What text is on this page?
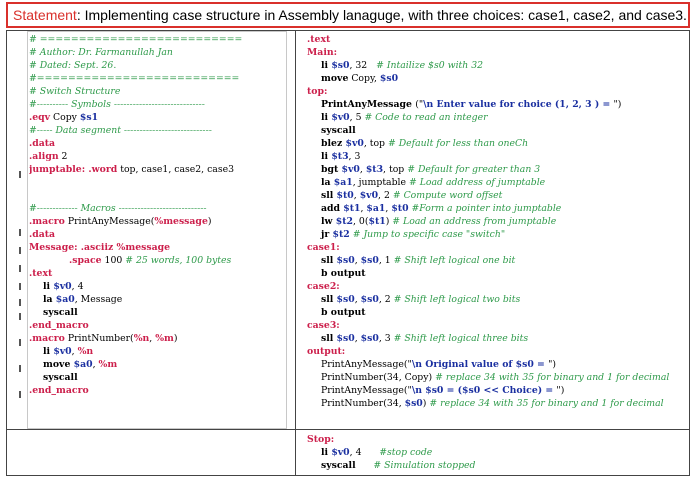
Statement: Implementing case structure in Assembly lanaguge, with three choices: case1, case2, and case3.
# ==========================
# Author: Dr. Farmanullah Jan
# Dated: Sept. 26.
#==========================
# Switch Structure
#---------- Symbols -----------------------------
.eqv Copy $s1
#----- Data segment ----------------------------
.data
.align 2
jumptable: .word top, case1, case2, case3

#------------- Macros ----------------------------
.macro PrintAnyMessage(%message)
.data
Message: .asciiz %message
.space 100 # 25 words, 100 bytes
.text
li $v0, 4
la $a0, Message
syscall
.end_macro
.macro PrintNumber(%n, %m)
li $v0, %n
move $a0, %m
syscall
.end_macro
.text
Main:
li $s0, 32   # Intailize $s0 with 32
move Copy, $s0
top:
PrintAnyMessage ("\n Enter value for choice (1, 2, 3 ) = ")
li $v0, 5 # Code to read an integer
syscall
blez $v0, top # Default for less than oneCh
li $t3, 3
bgt $v0, $t3, top # Default for greater than 3
la $a1, jumptable # Load address of jumptable
sll $t0, $v0, 2 # Compute word offset
add $t1, $a1, $t0 #Form a pointer into jumptable
lw $t2, 0($t1) # Load an address from jumptable
jr $t2 # Jump to specific case "switch"
case1:
sll $s0, $s0, 1 # Shift left logical one bit
b output
case2:
sll $s0, $s0, 2 # Shift left logical two bits
b output
case3:
sll $s0, $s0, 3 # Shift left logical three bits
output:
PrintAnyMessage("\n Original value of $s0 = ")
PrintNumber(34, Copy) # replace 34 with 35 for binary and 1 for decimal
PrintAnyMessage("\n $s0 = ($s0 << Choice) = ")
PrintNumber(34, $s0) # replace 34 with 35 for binary and 1 for decimal
Stop:
li $v0, 4      #stop code
syscall # Simulation stopped
